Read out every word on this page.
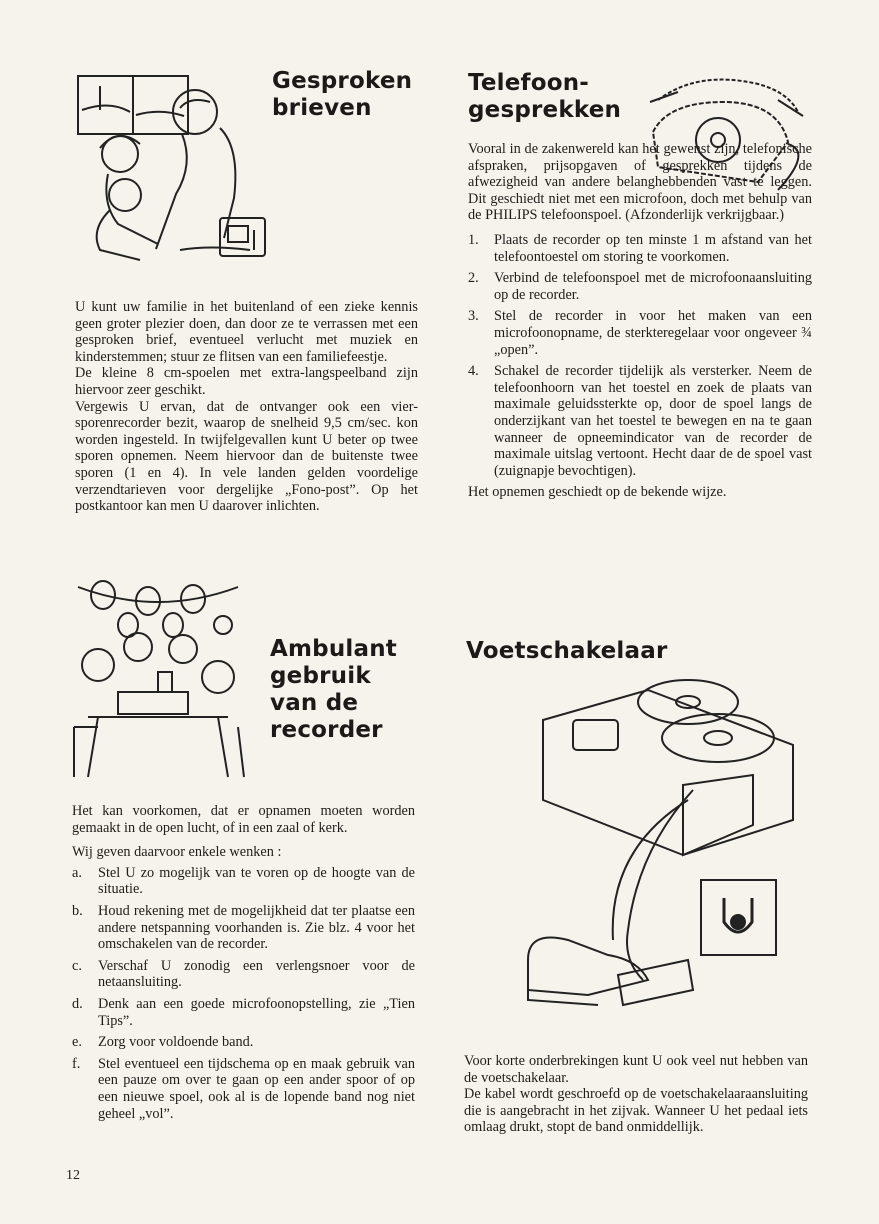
Gesproken brieven

U kunt uw familie in het buitenland of een zieke kennis geen groter plezier doen, dan door ze te verrassen met een gesproken brief, eventueel verlucht met muziek en kinderstemmen; stuur ze flitsen van een familiefeestje.

De kleine 8 cm-spoelen met extra-langspeelband zijn hiervoor zeer geschikt.

Vergewis U ervan, dat de ontvanger ook een vier-sporenrecorder bezit, waarop de snelheid 9,5 cm/sec. kon worden ingesteld. In twijfelgevallen kunt U beter op twee sporen opnemen. Neem hiervoor dan de buitenste twee sporen (1 en 4). In vele landen gelden voordelige verzendtarieven voor dergelijke „Fono-post”. Op het postkantoor kan men U daarover inlichten.

Ambulant gebruik van de recorder

Het kan voorkomen, dat er opnamen moeten worden gemaakt in de open lucht, of in een zaal of kerk.

Wij geven daarvoor enkele wenken :

a. Stel U zo mogelijk van te voren op de hoogte van de situatie.
b. Houd rekening met de mogelijkheid dat ter plaatse een andere netspanning voorhanden is. Zie blz. 4 voor het omschakelen van de recorder.
c. Verschaf U zonodig een verlengsnoer voor de netaansluiting.
d. Denk aan een goede microfoonopstelling, zie „Tien Tips”.
e. Zorg voor voldoende band.
f. Stel eventueel een tijdschema op en maak gebruik van een pauze om over te gaan op een ander spoor of op een nieuwe spoel, ook al is de lopende band nog niet geheel „vol”.
12
Telefoon-gesprekken

Vooral in de zakenwereld kan het gewenst zijn, telefonische afspraken, prijsopgaven of gesprekken tijdens de afwezigheid van andere belanghebbenden vast te leggen. Dit geschiedt niet met een microfoon, doch met behulp van de PHILIPS telefoonspoel. (Afzonderlijk verkrijgbaar.)

1. Plaats de recorder op ten minste 1 m afstand van het telefoontoestel om storing te voorkomen.
2. Verbind de telefoonspoel met de microfoonaansluiting op de recorder.
3. Stel de recorder in voor het maken van een microfoonopname, de sterkteregelaar voor ongeveer ¾ „open”.
4. Schakel de recorder tijdelijk als versterker. Neem de telefoonhoorn van het toestel en zoek de plaats van maximale geluidssterkte op, door de spoel langs de onderzijkant van het toestel te bewegen en na te gaan wanneer de opneemindicator van de recorder de maximale uitslag vertoont. Hecht daar de de spoel vast (zuignapje bevochtigen).

Het opnemen geschiedt op de bekende wijze.

Voetschakelaar

Voor korte onderbrekingen kunt U ook veel nut hebben van de voetschakelaar.

De kabel wordt geschroefd op de voetschakelaaraansluiting die is aangebracht in het zijvak. Wanneer U het pedaal iets omlaag drukt, stopt de band onmiddellijk.
